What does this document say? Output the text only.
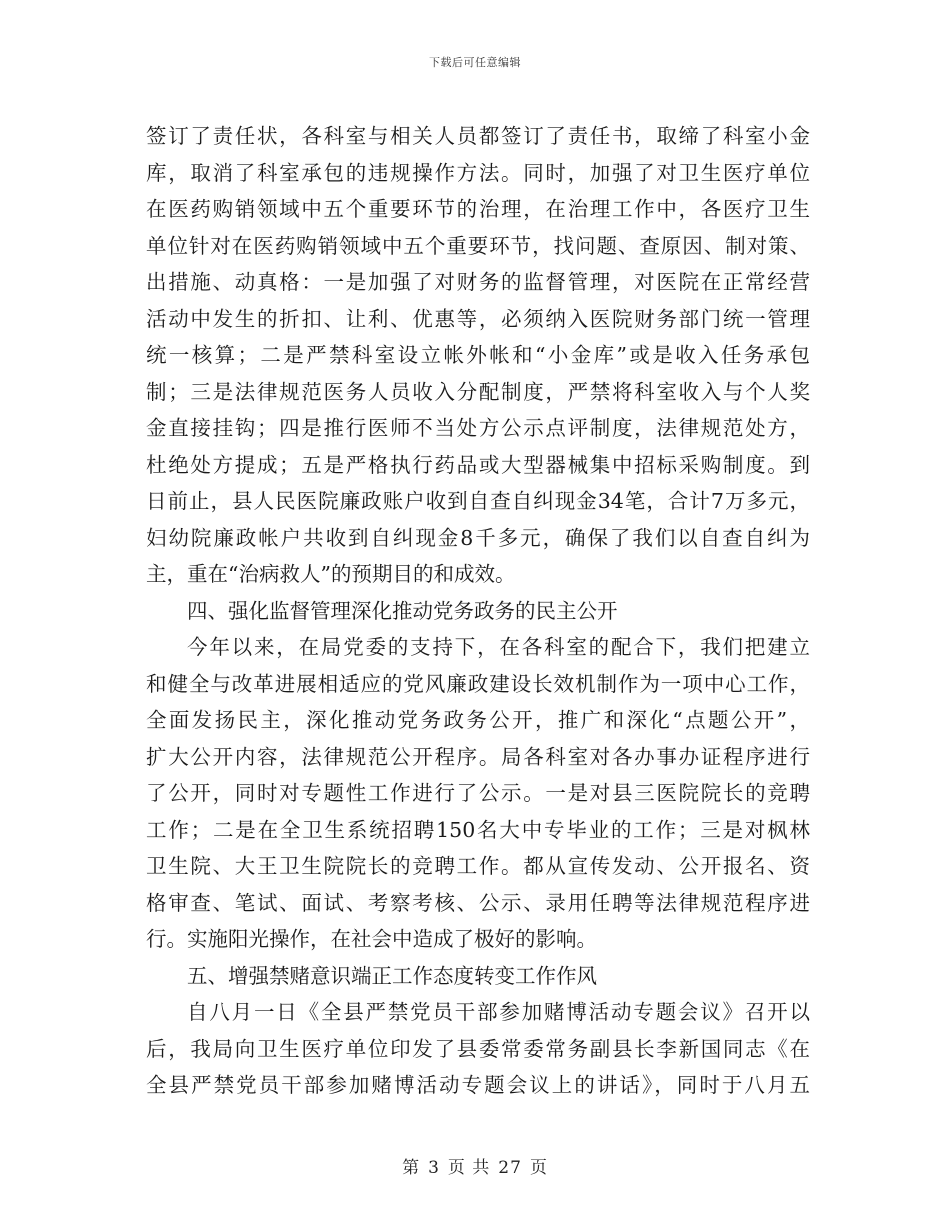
下载后可任意编辑
签订了责任状，各科室与相关人员都签订了责任书，取缔了科室小金
库，取消了科室承包的违规操作方法。同时，加强了对卫生医疗单位
在医药购销领域中五个重要环节的治理，在治理工作中，各医疗卫生
单位针对在医药购销领域中五个重要环节，找问题、查原因、制对策、
出措施、动真格：一是加强了对财务的监督管理，对医院在正常经营
活动中发生的折扣、让利、优惠等，必须纳入医院财务部门统一管理
统一核算；二是严禁科室设立帐外帐和“小金库”或是收入任务承包
制；三是法律规范医务人员收入分配制度，严禁将科室收入与个人奖
金直接挂钩；四是推行医师不当处方公示点评制度，法律规范处方，
杜绝处方提成；五是严格执行药品或大型器械集中招标采购制度。到
日前止，县人民医院廉政账户收到自查自纠现金34笔，合计7万多元，
妇幼院廉政帐户共收到自纠现金8千多元，确保了我们以自查自纠为
主，重在“治病救人”的预期目的和成效。
四、强化监督管理深化推动党务政务的民主公开
今年以来，在局党委的支持下，在各科室的配合下，我们把建立
和健全与改革进展相适应的党风廉政建设长效机制作为一项中心工作，
全面发扬民主，深化推动党务政务公开，推广和深化“点题公开”，
扩大公开内容，法律规范公开程序。局各科室对各办事办证程序进行
了公开，同时对专题性工作进行了公示。一是对县三医院院长的竞聘
工作；二是在全卫生系统招聘150名大中专毕业的工作；三是对枫林
卫生院、大王卫生院院长的竞聘工作。都从宣传发动、公开报名、资
格审查、笔试、面试、考察考核、公示、录用任聘等法律规范程序进
行。实施阳光操作，在社会中造成了极好的影响。
五、增强禁赌意识端正工作态度转变工作作风
自八月一日《全县严禁党员干部参加赌博活动专题会议》召开以
后，我局向卫生医疗单位印发了县委常委常务副县长李新国同志《在
全县严禁党员干部参加赌博活动专题会议上的讲话》，同时于八月五
第 3 页 共 27 页
